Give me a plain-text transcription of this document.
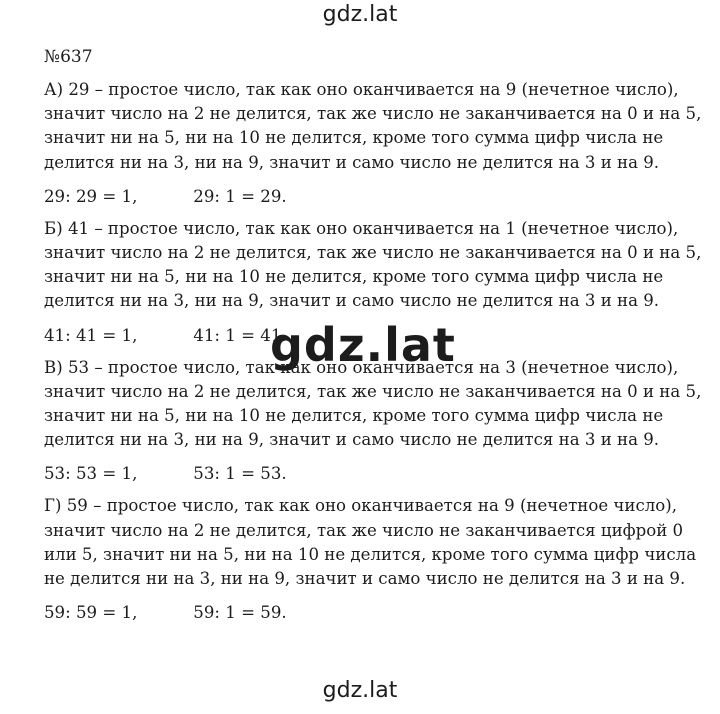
gdz.lat
№637
А) 29 – простое число, так как оно оканчивается на 9 (нечетное число),
значит число на 2 не делится, так же число не заканчивается на 0 и на 5,
значит ни на 5, ни на 10 не делится, кроме того сумма цифр числа не
делится ни на 3, ни на 9, значит и само число не делится на 3 и на 9.
29: 29 = 1,	29: 1 = 29.
Б) 41 – простое число, так как оно оканчивается на 1 (нечетное число),
значит число на 2 не делится, так же число не заканчивается на 0 и на 5,
значит ни на 5, ни на 10 не делится, кроме того сумма цифр числа не
делится ни на 3, ни на 9, значит и само число не делится на 3 и на 9.
41: 41 = 1,	41: 1 = 41.
В) 53 – простое число, так как оно оканчивается на 3 (нечетное число),
значит число на 2 не делится, так же число не заканчивается на 0 и на 5,
значит ни на 5, ни на 10 не делится, кроме того сумма цифр числа не
делится ни на 3, ни на 9, значит и само число не делится на 3 и на 9.
53: 53 = 1,	53: 1 = 53.
Г) 59 – простое число, так как оно оканчивается на 9 (нечетное число),
значит число на 2 не делится, так же число не заканчивается цифрой 0
или 5, значит ни на 5, ни на 10 не делится, кроме того сумма цифр числа
не делится ни на 3, ни на 9, значит и само число не делится на 3 и на 9.
59: 59 = 1,	59: 1 = 59.
gdz.lat
gdz.lat
